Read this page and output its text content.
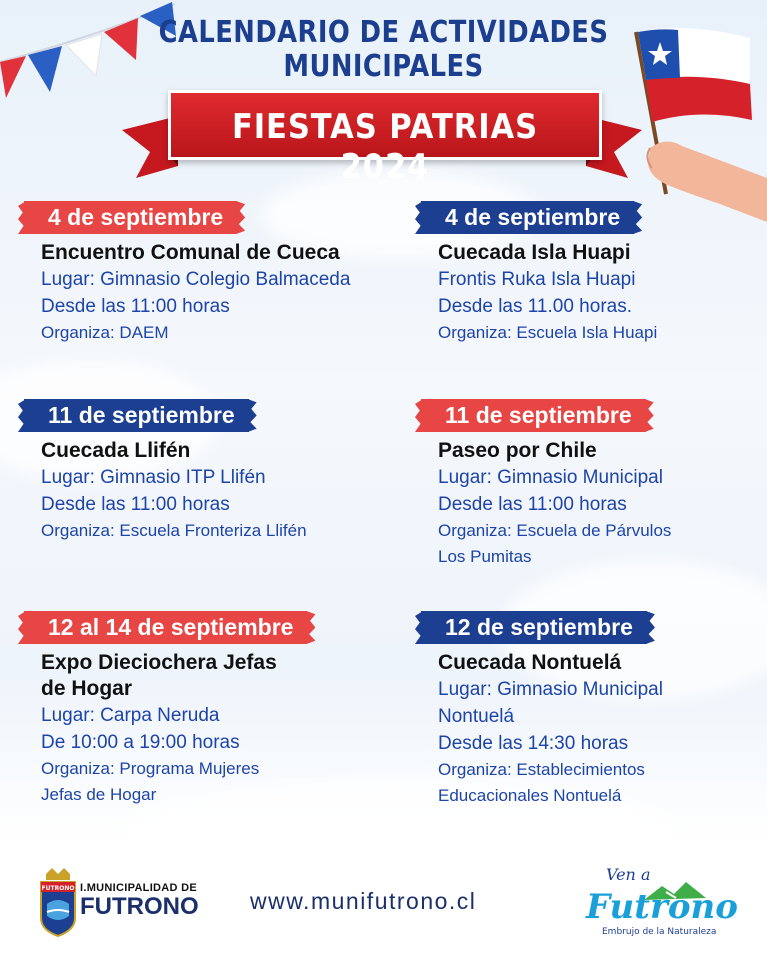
CALENDARIO DE ACTIVIDADES
MUNICIPALES
FIESTAS PATRIAS 2024
4 de septiembre
Encuentro Comunal de Cueca
Lugar: Gimnasio Colegio Balmaceda
Desde las 11:00 horas
Organiza: DAEM
4 de septiembre
Cuecada Isla Huapi
Frontis Ruka Isla Huapi
Desde las 11.00 horas.
Organiza: Escuela Isla Huapi
11 de septiembre
Cuecada Llifén
Lugar: Gimnasio ITP Llifén
Desde las 11:00 horas
Organiza: Escuela Fronteriza Llifén
11 de septiembre
Paseo por Chile
Lugar: Gimnasio Municipal
Desde las 11:00 horas
Organiza: Escuela de Párvulos
Los Pumitas
12 al 14 de septiembre
Expo Dieciochera Jefas
de Hogar
Lugar: Carpa Neruda
De 10:00 a 19:00 horas
Organiza: Programa Mujeres
Jefas de Hogar
12 de septiembre
Cuecada Nontuelá
Lugar: Gimnasio Municipal
Nontuelá
Desde las 14:30 horas
Organiza: Establecimientos
Educacionales Nontuelá
FUTRONO I.MUNICIPALIDAD DE
FUTRONO www.munifutrono.cl
Ven a
Futrono
Embrujo de la Naturaleza
